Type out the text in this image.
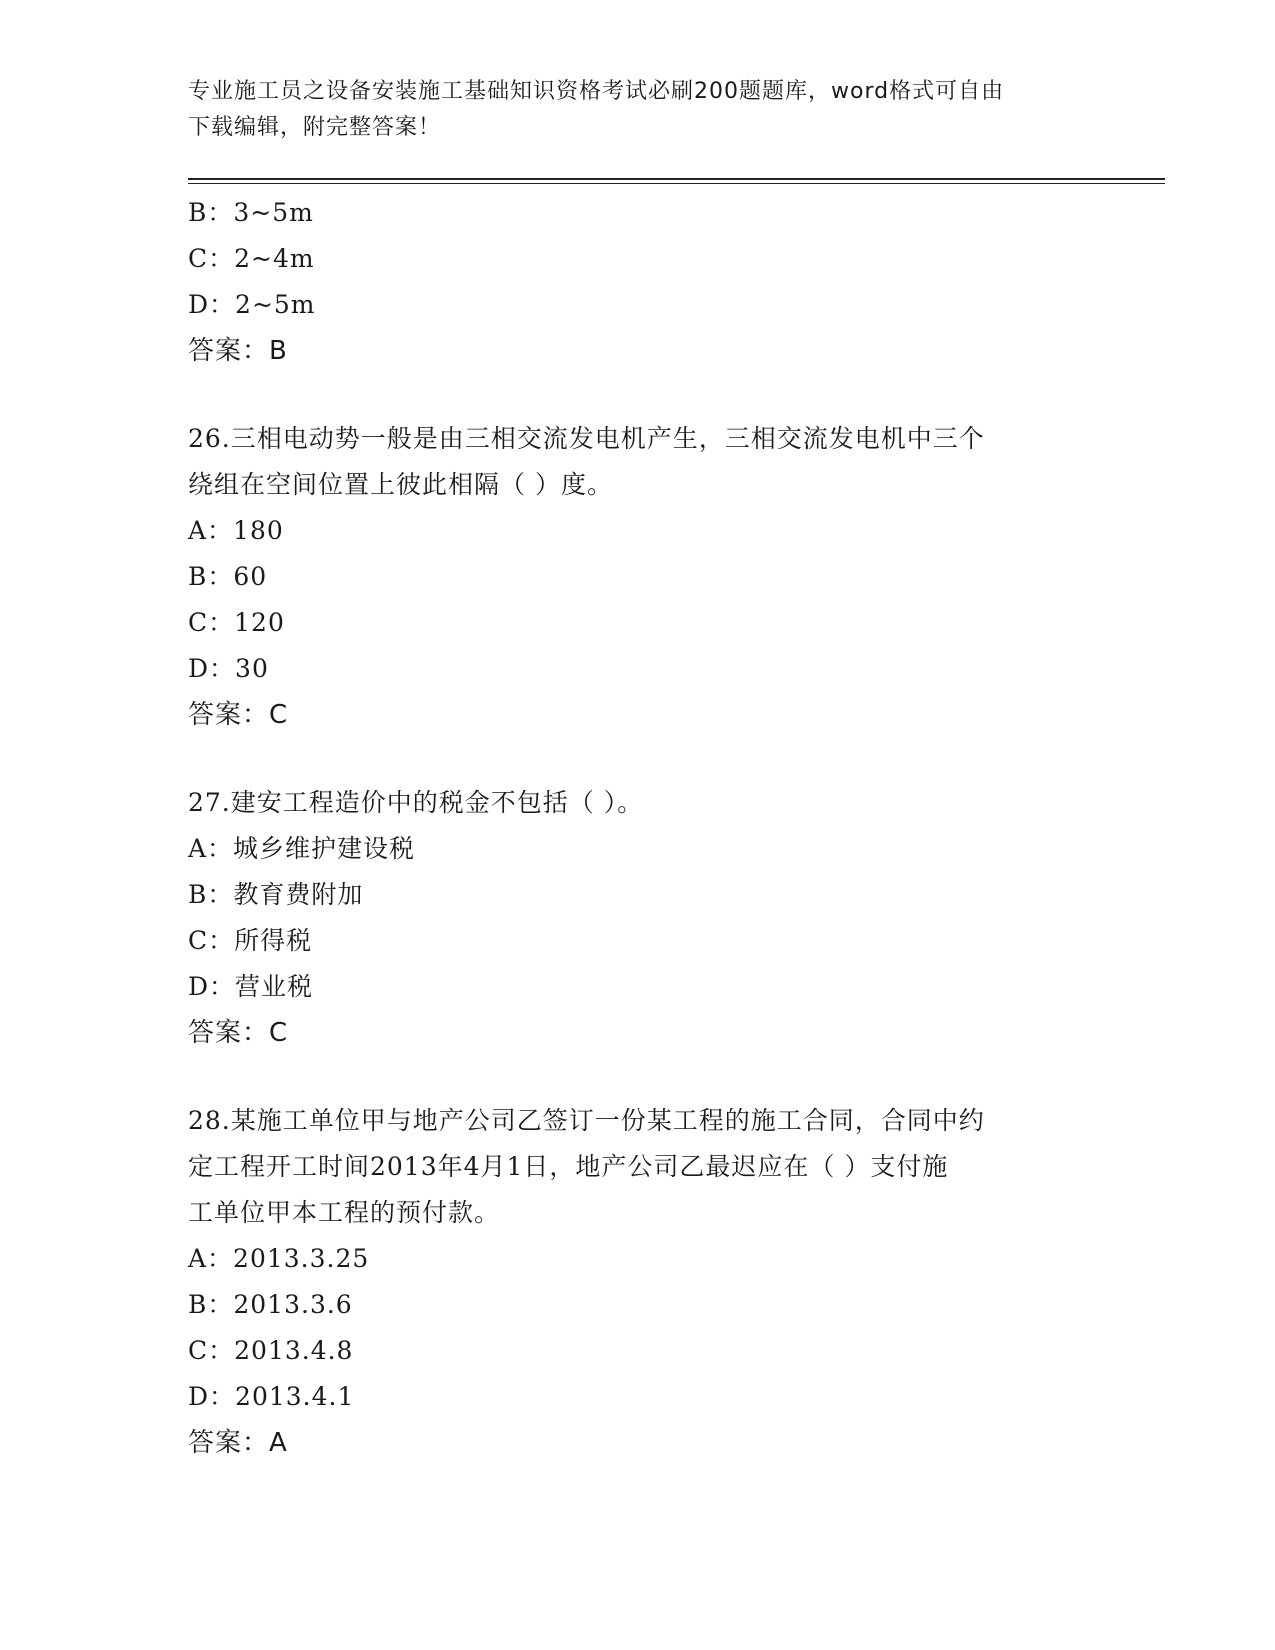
专业施工员之设备安装施工基础知识资格考试必刷200题题库，word格式可自由
下载编辑，附完整答案！
B：3~5m
C：2~4m
D：2~5m
答案：B
26.三相电动势一般是由三相交流发电机产生，三相交流发电机中三个
绕组在空间位置上彼此相隔（ ）度。
A：180
B：60
C：120
D：30
答案：C
27.建安工程造价中的税金不包括（ ）。
A：城乡维护建设税
B：教育费附加
C：所得税
D：营业税
答案：C
28.某施工单位甲与地产公司乙签订一份某工程的施工合同，合同中约
定工程开工时间2013年4月1日，地产公司乙最迟应在（ ）支付施
工单位甲本工程的预付款。
A：2013.3.25
B：2013.3.6
C：2013.4.8
D：2013.4.1
答案：A
